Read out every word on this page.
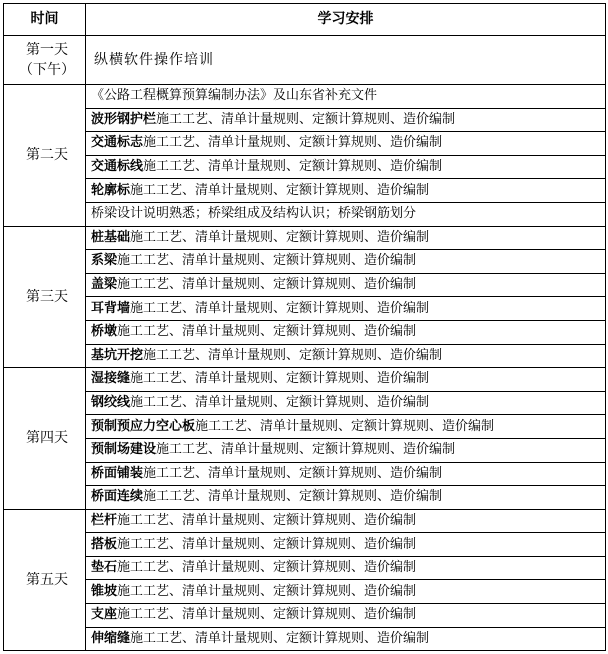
时间	学习安排

第一天
（下午）	纵横软件操作培训

第二天	《公路工程概算预算编制办法》及山东省补充文件
	波形钢护栏施工工艺、清单计量规则、定额计算规则、造价编制
	交通标志施工工艺、清单计量规则、定额计算规则、造价编制
	交通标线施工工艺、清单计量规则、定额计算规则、造价编制
	轮廓标施工工艺、清单计量规则、定额计算规则、造价编制
	桥梁设计说明熟悉；桥梁组成及结构认识；桥梁钢筋划分

第三天	桩基础施工工艺、清单计量规则、定额计算规则、造价编制
	系梁施工工艺、清单计量规则、定额计算规则、造价编制
	盖梁施工工艺、清单计量规则、定额计算规则、造价编制
	耳背墙施工工艺、清单计量规则、定额计算规则、造价编制
	桥墩施工工艺、清单计量规则、定额计算规则、造价编制
	基坑开挖施工工艺、清单计量规则、定额计算规则、造价编制

第四天	湿接缝施工工艺、清单计量规则、定额计算规则、造价编制
	钢绞线施工工艺、清单计量规则、定额计算规则、造价编制
	预制预应力空心板施工工艺、清单计量规则、定额计算规则、造价编制
	预制场建设施工工艺、清单计量规则、定额计算规则、造价编制
	桥面铺装施工工艺、清单计量规则、定额计算规则、造价编制
	桥面连续施工工艺、清单计量规则、定额计算规则、造价编制

第五天	栏杆施工工艺、清单计量规则、定额计算规则、造价编制
	搭板施工工艺、清单计量规则、定额计算规则、造价编制
	垫石施工工艺、清单计量规则、定额计算规则、造价编制
	锥坡施工工艺、清单计量规则、定额计算规则、造价编制
	支座施工工艺、清单计量规则、定额计算规则、造价编制
	伸缩缝施工工艺、清单计量规则、定额计算规则、造价编制
